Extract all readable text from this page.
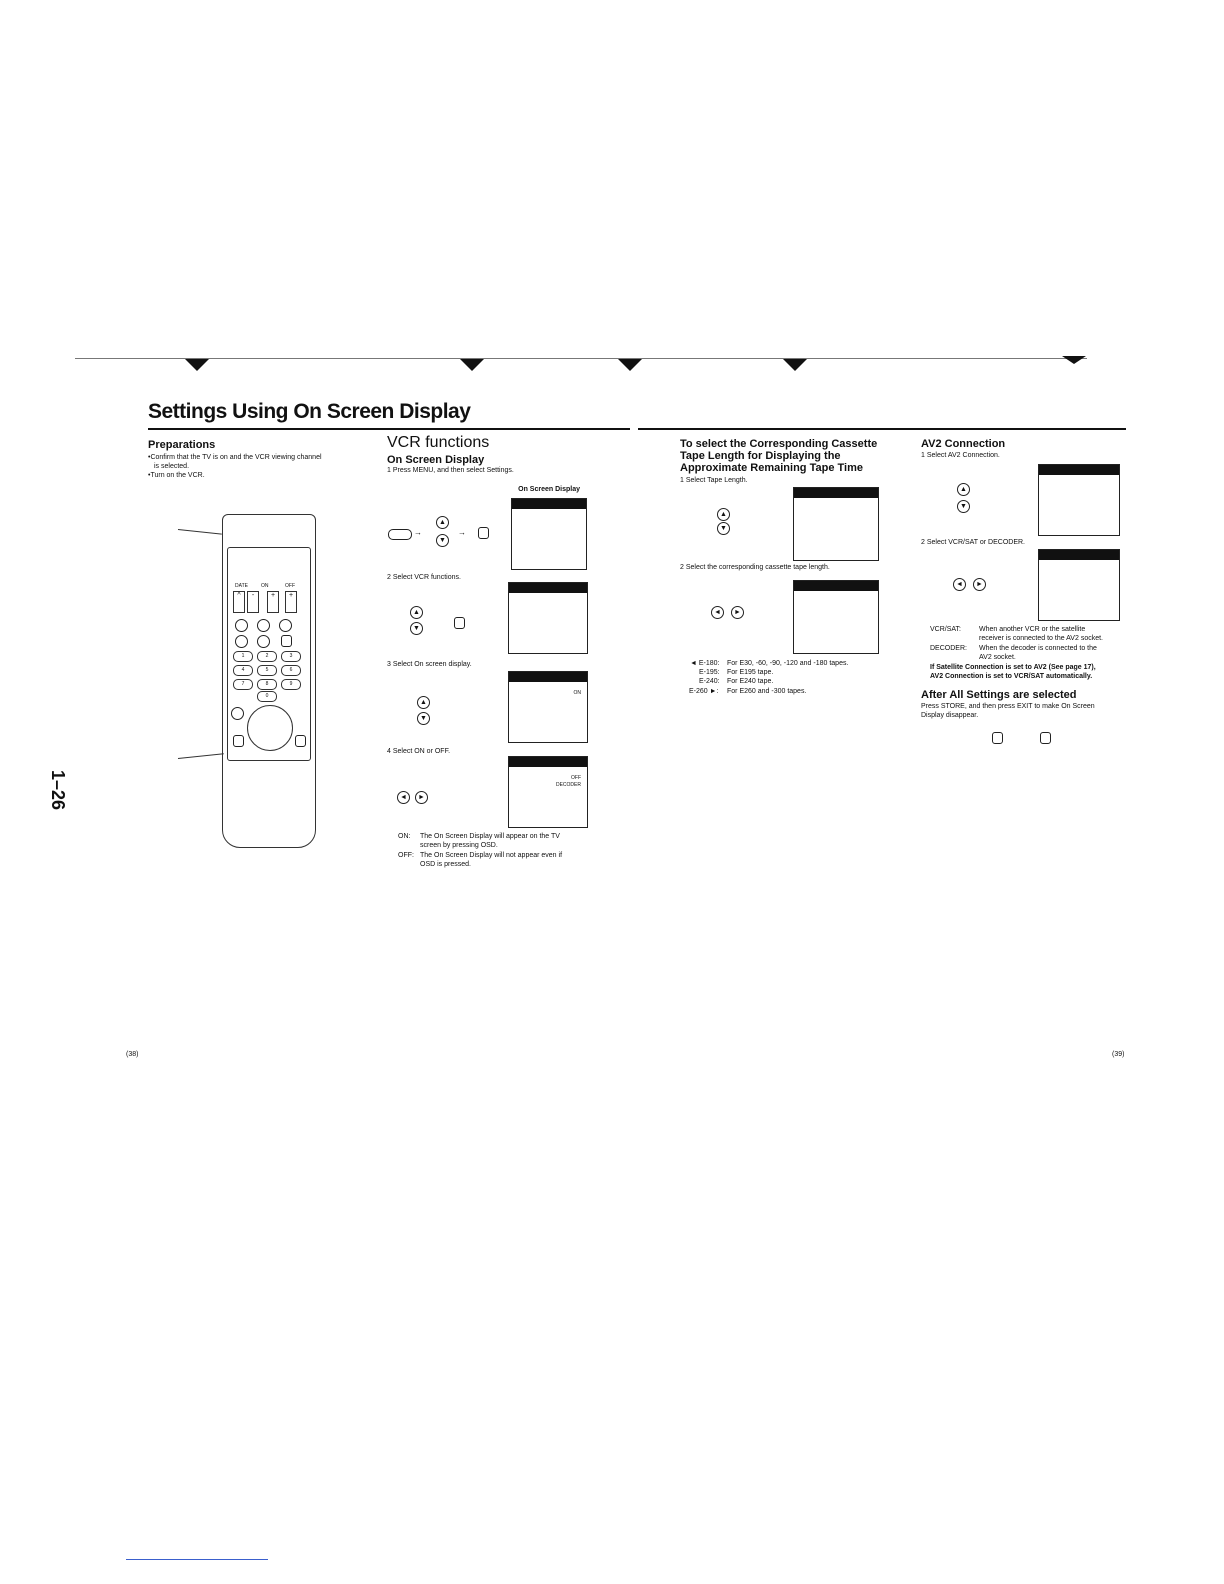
Settings Using On Screen Display
1–26
Preparations
•Confirm that the TV is on and the VCR viewing channel
is selected.
•Turn on the VCR.
DATE	ON	OFF
^	-	+	+
1	2	3
4	5	6
7	8	9
0
VCR functions
On Screen Display
1 Press MENU, and then select Settings.
On Screen Display
→
▲
▼
→
2 Select VCR functions.
▲
▼
3 Select On screen display.
▲
▼
ON
4 Select ON or OFF.
◄	►
OFF
DECODER
ON: The On Screen Display will appear on the TV
screen by pressing OSD.
OFF: The On Screen Display will not appear even if
OSD is pressed.
To select the Corresponding Cassette
Tape Length for Displaying the
Approximate Remaining Tape Time
1 Select Tape Length.
▲
▼
2 Select the corresponding cassette tape length.
◄	►
◄ E-180: For E30, -60, -90, -120 and -180 tapes.
E-195: For E195 tape.
E-240: For E240 tape.
E-260 ►: For E260 and -300 tapes.
AV2 Connection
1 Select AV2 Connection.
▲
▼
2 Select VCR/SAT or DECODER.
◄	►
VCR/SAT:	When another VCR or the satellite
receiver is connected to the AV2 socket.
DECODER: When the decoder is connected to the
AV2 socket.
If Satellite Connection is set to AV2 (See page 17),
AV2 Connection is set to VCR/SAT automatically.
After All Settings are selected
Press STORE, and then press EXIT to make On Screen
Display disappear.
(38)	(39)
